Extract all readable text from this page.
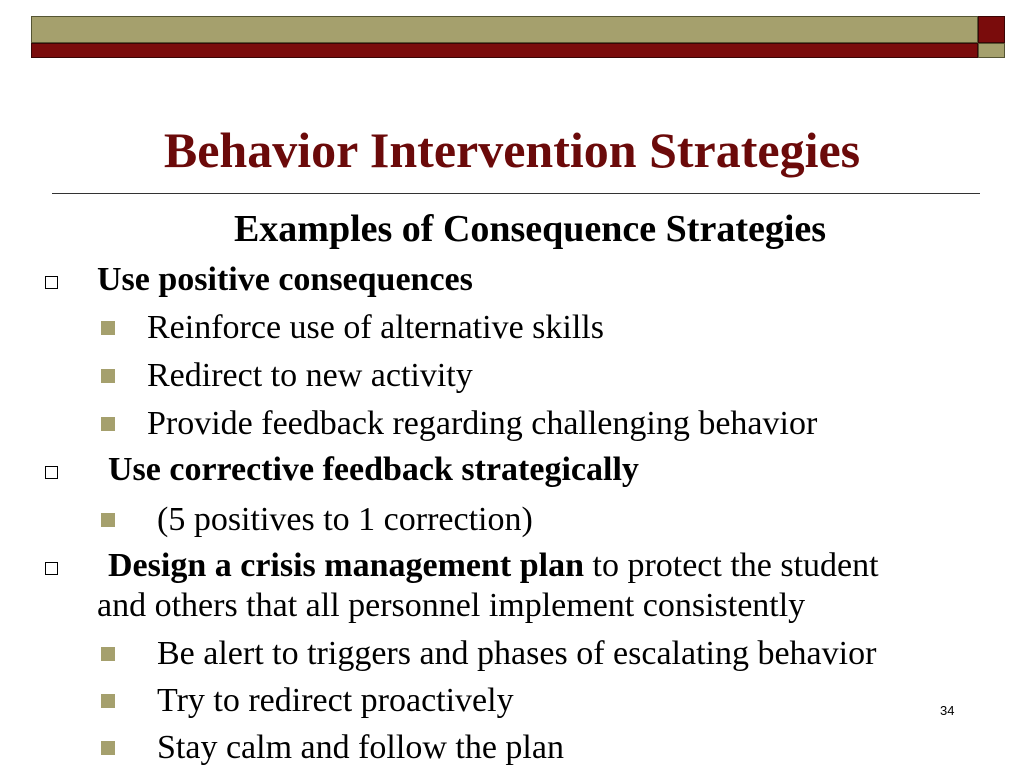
Behavior Intervention Strategies
Examples of Consequence Strategies
Use positive consequences
Reinforce use of alternative skills
Redirect to new activity
Provide feedback regarding challenging behavior
Use corrective feedback strategically
(5 positives to 1 correction)
Design a crisis management plan to protect the student
and others that all personnel implement consistently
Be alert to triggers and phases of escalating behavior
Try to redirect proactively
Stay calm and follow the plan
34
